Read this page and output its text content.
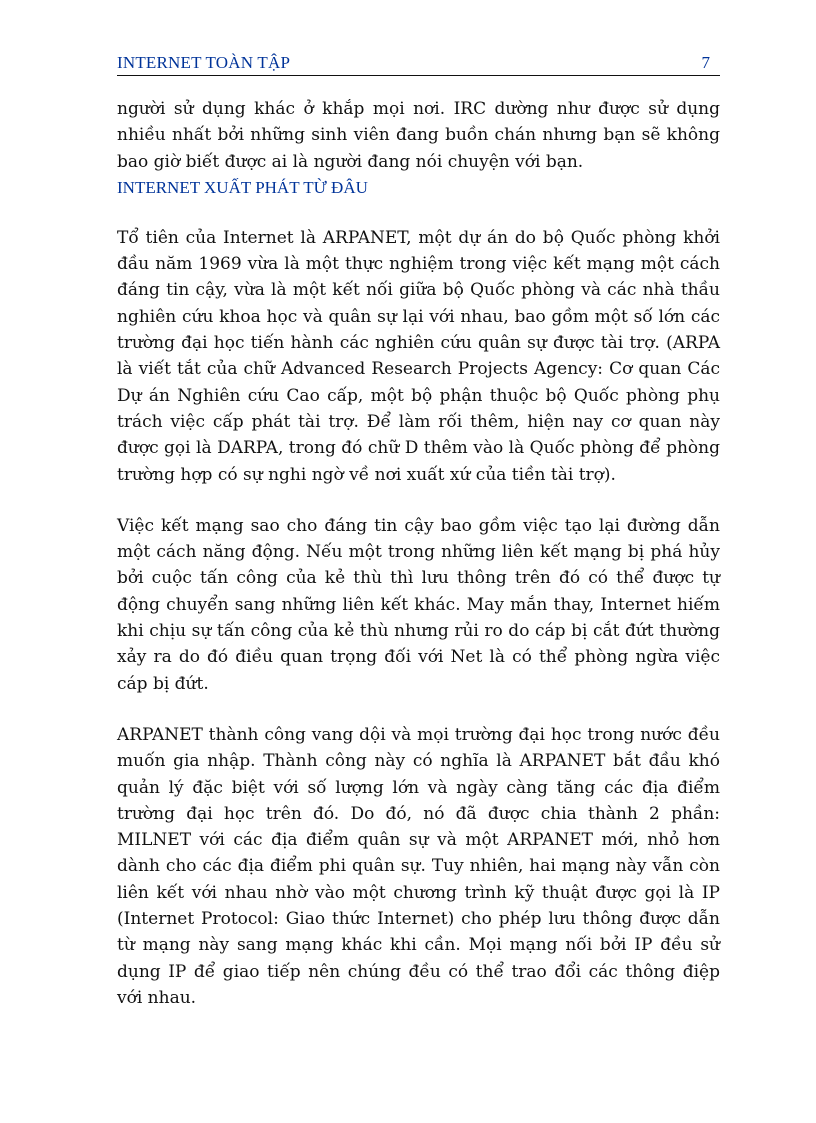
INTERNET TOÀN TẬP	7

người sử dụng khác ở khắp mọi nơi. IRC dường như được sử dụng nhiều nhất bởi những sinh viên đang buồn chán nhưng bạn sẽ không bao giờ biết được ai là người đang nói chuyện với bạn.

INTERNET XUẤT PHÁT TỪ ĐÂU

Tổ tiên của Internet là ARPANET, một dự án do bộ Quốc phòng khởi đầu năm 1969 vừa là một thực nghiệm trong việc kết mạng một cách đáng tin cậy, vừa là một kết nối giữa bộ Quốc phòng và các nhà thầu nghiên cứu khoa học và quân sự lại với nhau, bao gồm một số lớn các trường đại học tiến hành các nghiên cứu quân sự được tài trợ. (ARPA là viết tắt của chữ Advanced Research Projects Agency: Cơ quan Các Dự án Nghiên cứu Cao cấp, một bộ phận thuộc bộ Quốc phòng phụ trách việc cấp phát tài trợ. Để làm rối thêm, hiện nay cơ quan này được gọi là DARPA, trong đó chữ D thêm vào là Quốc phòng để phòng trường hợp có sự nghi ngờ về nơi xuất xứ của tiền tài trợ).

Việc kết mạng sao cho đáng tin cậy bao gồm việc tạo lại đường dẫn một cách năng động. Nếu một trong những liên kết mạng bị phá hủy bởi cuộc tấn công của kẻ thù thì lưu thông trên đó có thể được tự động chuyển sang những liên kết khác. May mắn thay, Internet hiếm khi chịu sự tấn công của kẻ thù nhưng rủi ro do cáp bị cắt đứt thường xảy ra do đó điều quan trọng đối với Net là có thể phòng ngừa việc cáp bị đứt.

ARPANET thành công vang dội và mọi trường đại học trong nước đều muốn gia nhập. Thành công này có nghĩa là ARPANET bắt đầu khó quản lý đặc biệt với số lượng lớn và ngày càng tăng các địa điểm trường đại học trên đó. Do đó, nó đã được chia thành 2 phần: MILNET với các địa điểm quân sự và một ARPANET mới, nhỏ hơn dành cho các địa điểm phi quân sự. Tuy nhiên, hai mạng này vẫn còn liên kết với nhau nhờ vào một chương trình kỹ thuật được gọi là IP (Internet Protocol: Giao thức Internet) cho phép lưu thông được dẫn từ mạng này sang mạng khác khi cần. Mọi mạng nối bởi IP đều sử dụng IP để giao tiếp nên chúng đều có thể trao đổi các thông điệp với nhau.
